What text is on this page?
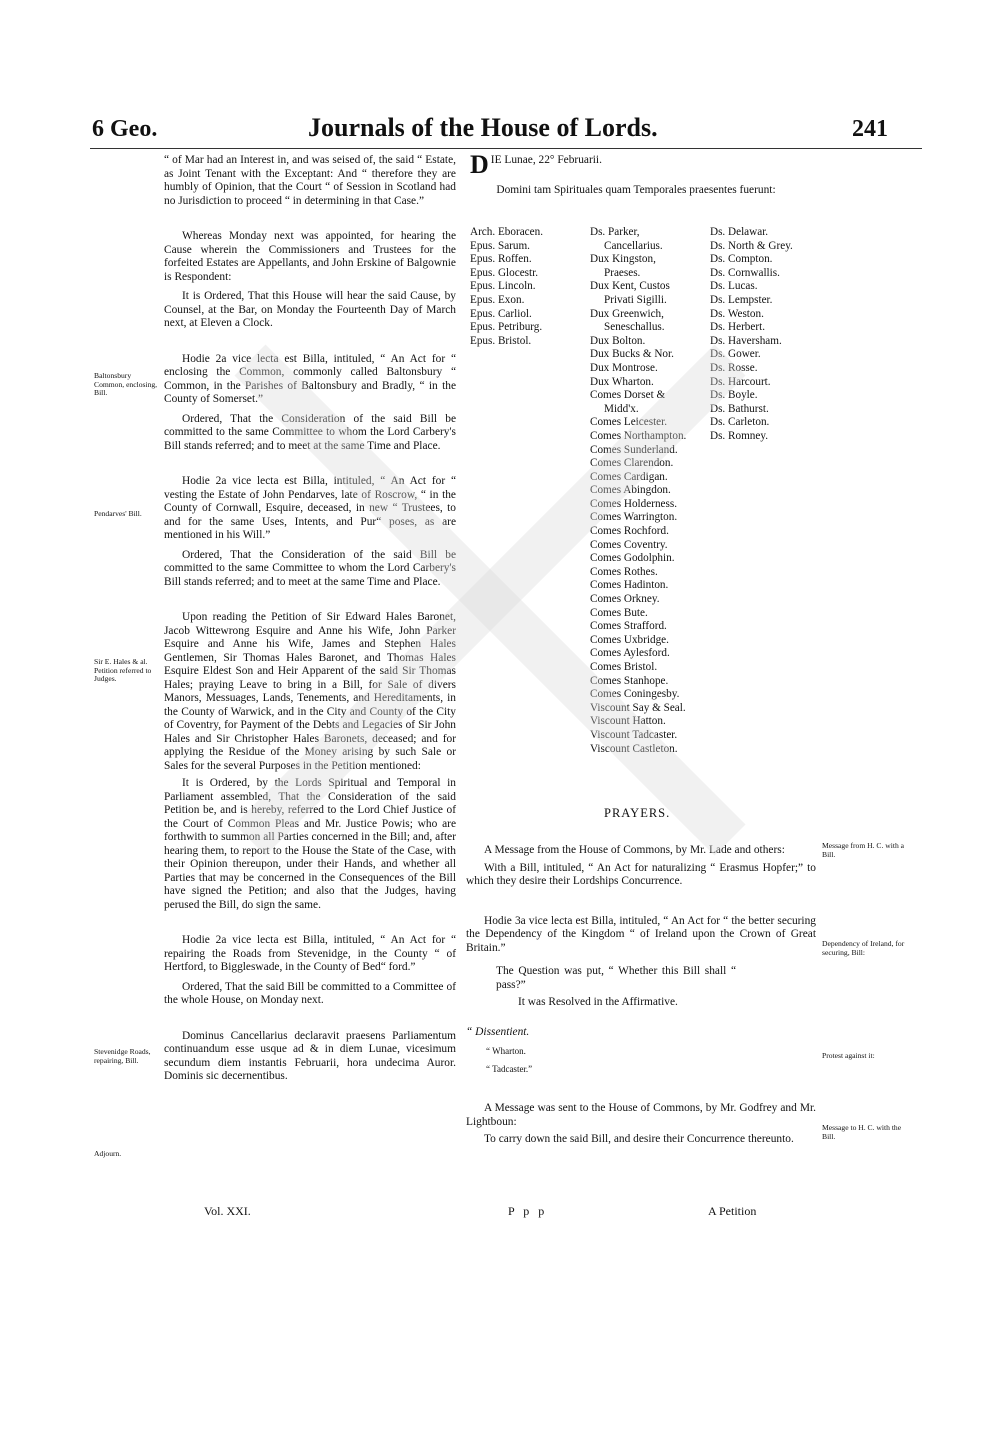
6 Geo.	Journals of the House of Lords.	241

“ of Mar had an Interest in, and was seised of, the said “ Estate, as Joint Tenant with the Exceptant: And “ therefore they are humbly of Opinion, that the Court “ of Session in Scotland had no Jurisdiction to proceed “ in determining in that Case.”

Whereas Monday next was appointed, for hearing the Cause wherein the Commissioners and Trustees for the forfeited Estates are Appellants, and John Erskine of Balgownie is Respondent:

It is Ordered, That this House will hear the said Cause, by Counsel, at the Bar, on Monday the Fourteenth Day of March next, at Eleven a Clock.

Hodie 2a vice lecta est Billa, intituled, “ An Act for “ enclosing the Common, commonly called Baltonsbury “ Common, in the Parishes of Baltonsbury and Bradly, “ in the County of Somerset.”

Ordered, That the Consideration of the said Bill be committed to the same Committee to whom the Lord Carbery's Bill stands referred; and to meet at the same Time and Place.

Hodie 2a vice lecta est Billa, intituled, “ An Act for “ vesting the Estate of John Pendarves, late of Roscrow, “ in the County of Cornwall, Esquire, deceased, in new “ Trustees, to and for the same Uses, Intents, and Pur“ poses, as are mentioned in his Will.”

Ordered, That the Consideration of the said Bill be committed to the same Committee to whom the Lord Carbery's Bill stands referred; and to meet at the same Time and Place.

Upon reading the Petition of Sir Edward Hales Baronet, Jacob Wittewrong Esquire and Anne his Wife, John Parker Esquire and Anne his Wife, James and Stephen Hales Gentlemen, Sir Thomas Hales Baronet, and Thomas Hales Esquire Eldest Son and Heir Apparent of the said Sir Thomas Hales; praying Leave to bring in a Bill, for Sale of divers Manors, Messuages, Lands, Tenements, and Hereditaments, in the County of Warwick, and in the City and County of the City of Coventry, for Payment of the Debts and Legacies of Sir John Hales and Sir Christopher Hales Baronets, deceased; and for applying the Residue of the Money arising by such Sale or Sales for the several Purposes in the Petition mentioned:

It is Ordered, by the Lords Spiritual and Temporal in Parliament assembled, That the Consideration of the said Petition be, and is hereby, referred to the Lord Chief Justice of the Court of Common Pleas and Mr. Justice Powis; who are forthwith to summon all Parties concerned in the Bill; and, after hearing them, to report to the House the State of the Case, with their Opinion thereupon, under their Hands, and whether all Parties that may be concerned in the Consequences of the Bill have signed the Petition; and also that the Judges, having perused the Bill, do sign the same.

Hodie 2a vice lecta est Billa, intituled, “ An Act for “ repairing the Roads from Stevenidge, in the County “ of Hertford, to Biggleswade, in the County of Bed“ ford.”

Ordered, That the said Bill be committed to a Committee of the whole House, on Monday next.

Dominus Cancellarius declaravit praesens Parliamentum continuandum esse usque ad & in diem Lunae, vicesimum secundum diem instantis Februarii, hora undecima Auror. Dominis sic decernentibus.

Baltonsbury Common, enclosing, Bill.
Pendarves' Bill.
Sir E. Hales & al. Petition referred to Judges.
Stevenidge Roads, repairing, Bill.
Adjourn.
DIE Lunae, 22° Februarii.
Domini tam Spirituales quam Temporales praesentes fuerunt:
Arch. Eboracen.
Epus. Sarum.
Epus. Roffen.
Epus. Glocestr.
Epus. Lincoln.
Epus. Exon.
Epus. Carliol.
Epus. Petriburg.
Epus. Bristol.
Ds. Parker,
Cancellarius.
Dux Kingston,
Praeses.
Dux Kent, Custos
Privati Sigilli.
Dux Greenwich,
Seneschallus.
Dux Bolton.
Dux Bucks & Nor.
Dux Montrose.
Dux Wharton.
Comes Dorset &
Midd'x.
Comes Leicester.
Comes Northampton.
Comes Sunderland.
Comes Clarendon.
Comes Cardigan.
Comes Abingdon.
Comes Holderness.
Comes Warrington.
Comes Rochford.
Comes Coventry.
Comes Godolphin.
Comes Rothes.
Comes Hadinton.
Comes Orkney.
Comes Bute.
Comes Strafford.
Comes Uxbridge.
Comes Aylesford.
Comes Bristol.
Comes Stanhope.
Comes Coningesby.
Viscount Say & Seal.
Viscount Hatton.
Viscount Tadcaster.
Viscount Castleton.
Ds. Delawar.
Ds. North & Grey.
Ds. Compton.
Ds. Cornwallis.
Ds. Lucas.
Ds. Lempster.
Ds. Weston.
Ds. Herbert.
Ds. Haversham.
Ds. Gower.
Ds. Rosse.
Ds. Harcourt.
Ds. Boyle.
Ds. Bathurst.
Ds. Carleton.
Ds. Romney.
PRAYERS.

A Message from the House of Commons, by Mr. Lade and others:

With a Bill, intituled, “ An Act for naturalizing “ Erasmus Hopfer;” to which they desire their Lordships Concurrence.

Hodie 3a vice lecta est Billa, intituled, “ An Act for “ the better securing the Dependency of the Kingdom “ of Ireland upon the Crown of Great Britain.”

The Question was put, “ Whether this Bill shall “ pass?”

It was Resolved in the Affirmative.

“ Dissentient.

“ Wharton.

“ Tadcaster.”

A Message was sent to the House of Commons, by Mr. Godfrey and Mr. Lightboun:

To carry down the said Bill, and desire their Concurrence thereunto.

Message from H. C. with a Bill.
Dependency of Ireland, for securing, Bill:
Protest against it:
Message to H. C. with the Bill.
Vol. XXI.	P p p	A Petition
